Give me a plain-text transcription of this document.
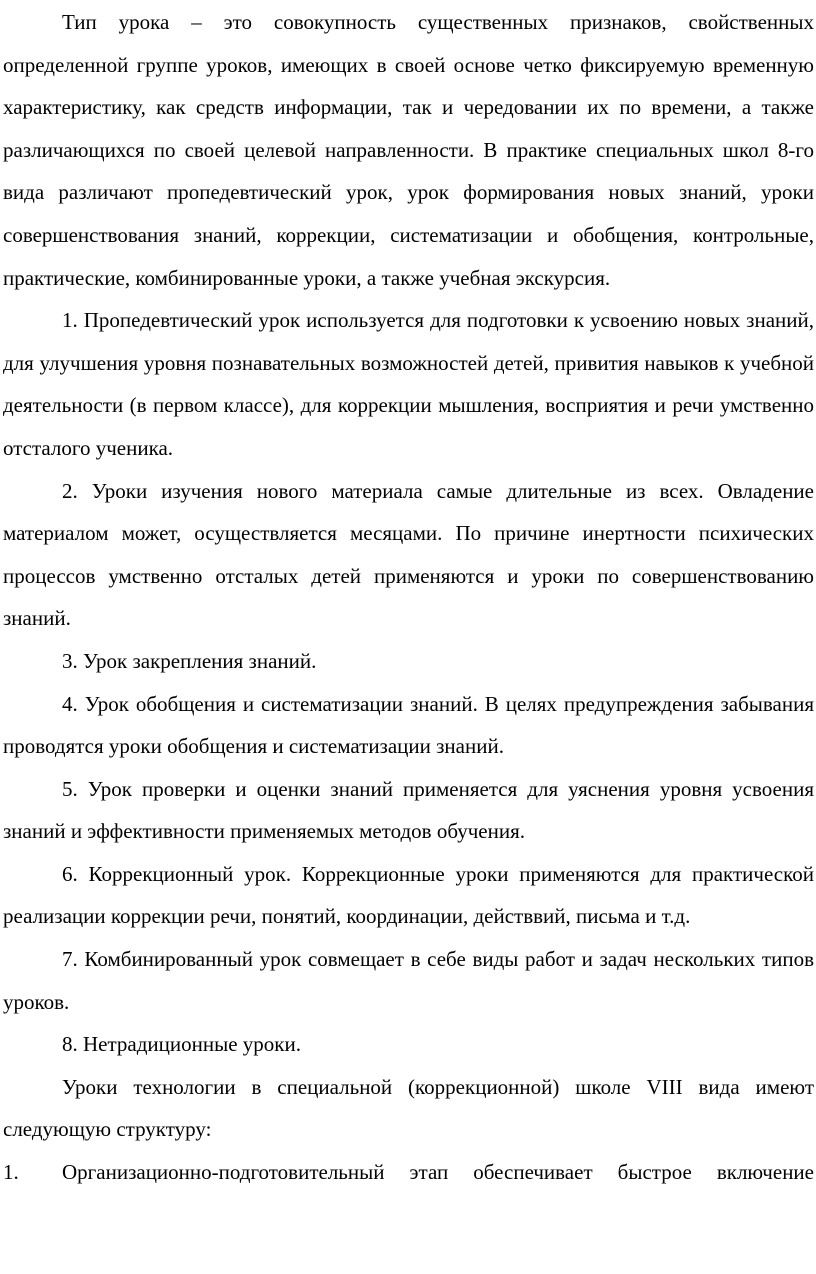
Тип урока – это совокупность существенных признаков, свойственных определенной группе уроков, имеющих в своей основе четко фиксируемую временную характеристику, как средств информации, так и чередовании их по времени, а также различающихся по своей целевой направленности. В практике специальных школ 8-го вида различают пропедевтический урок, урок формирования новых знаний, уроки совершенствования знаний, коррекции, систематизации и обобщения, контрольные, практические, комбинированные уроки, а также учебная экскурсия.

1. Пропедевтический урок используется для подготовки к усвоению новых знаний, для улучшения уровня познавательных возможностей детей, привития навыков к учебной деятельности (в первом классе), для коррекции мышления, восприятия и речи умственно отсталого ученика.

2. Уроки изучения нового материала самые длительные из всех. Овладение материалом может, осуществляется месяцами. По причине инертности психических процессов умственно отсталых детей применяются и уроки по совершенствованию знаний.

3. Урок закрепления знаний.

4. Урок обобщения и систематизации знаний. В целях предупреждения забывания проводятся уроки обобщения и систематизации знаний.

5. Урок проверки и оценки знаний применяется для уяснения уровня усвоения знаний и эффективности применяемых методов обучения.

6. Коррекционный урок. Коррекционные уроки применяются для практической реализации коррекции речи, понятий, координации, действвий, письма и т.д.

7. Комбинированный урок совмещает в себе виды работ и задач нескольких типов уроков.

8. Нетрадиционные уроки.

Уроки технологии в специальной (коррекционной) школе VIII вида имеют следующую структуру:

1. Организационно-подготовительный этап обеспечивает быстрое включение
